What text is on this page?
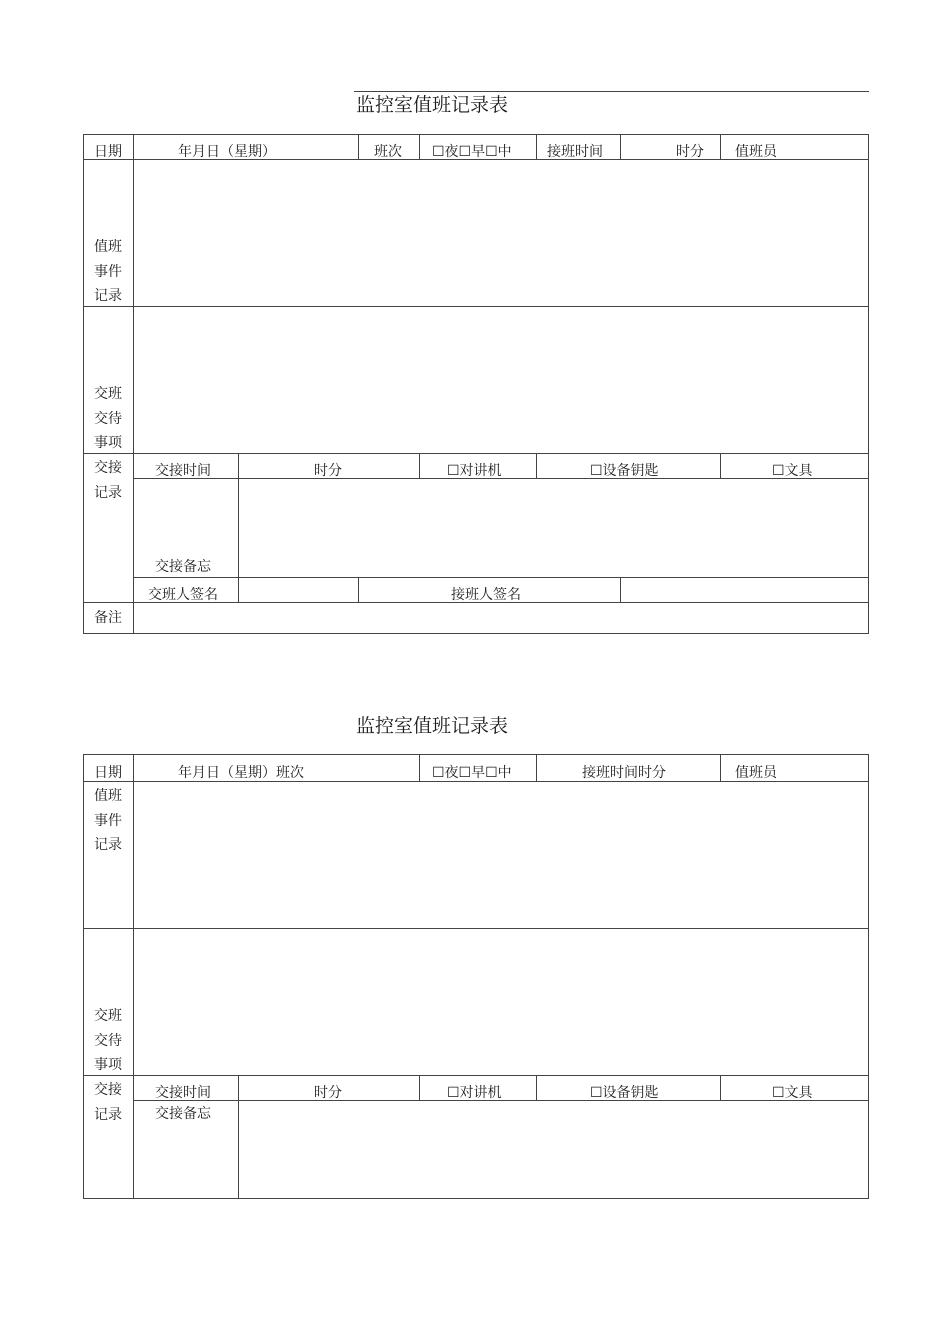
监控室值班记录表
日期	年月日（星期）	班次 ☐夜☐早☐中	接班时间	时分 值班员
值班
事件
记录
交班
交待
事项
交接
记录
交接时间	时分	☐对讲机	☐设备钥匙	☐文具
交接备忘
交班人签名	接班人签名
备注
监控室值班记录表
日期	年月日（星期）班次	☐夜☐早☐中	接班时间时分	值班员
值班
事件
记录
交班
交待
事项
交接
记录
交接时间	时分	☐对讲机	☐设备钥匙	☐文具
交接备忘
